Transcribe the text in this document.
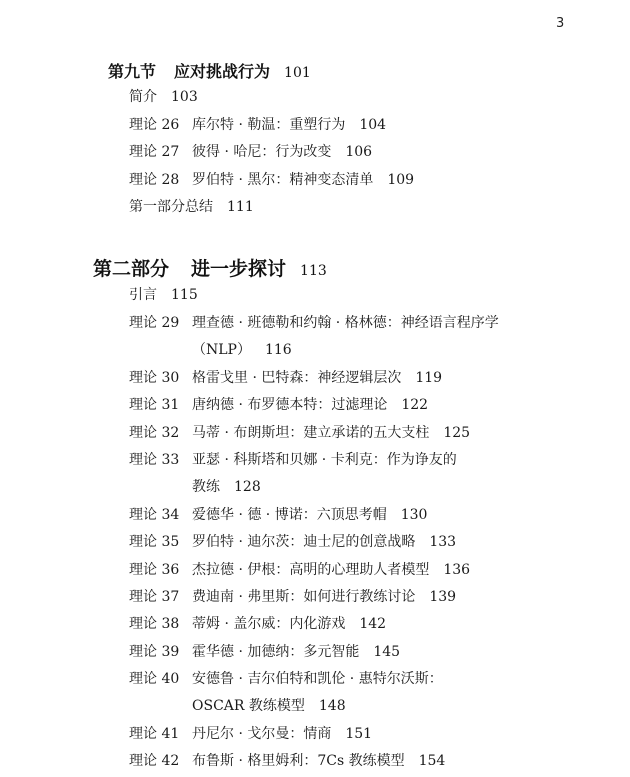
3
第九节 应对挑战行为 101
简介 103
理论 26 库尔特 · 勒温：重塑行为 104
理论 27 彼得 · 哈尼：行为改变 106
理论 28 罗伯特 · 黑尔：精神变态清单 109
第一部分总结 111
第二部分 进一步探讨 113
引言 115
理论 29 理查德 · 班德勒和约翰 · 格林德：神经语言程序学
（NLP） 116
理论 30 格雷戈里 · 巴特森：神经逻辑层次 119
理论 31 唐纳德 · 布罗德本特：过滤理论 122
理论 32 马蒂 · 布朗斯坦：建立承诺的五大支柱 125
理论 33 亚瑟 · 科斯塔和贝娜 · 卡利克：作为诤友的
教练 128
理论 34 爱德华 · 德 · 博诺：六顶思考帽 130
理论 35 罗伯特 · 迪尔茨：迪士尼的创意战略 133
理论 36 杰拉德 · 伊根：高明的心理助人者模型 136
理论 37 费迪南 · 弗里斯：如何进行教练讨论 139
理论 38 蒂姆 · 盖尔威：内化游戏 142
理论 39 霍华德 · 加德纳：多元智能 145
理论 40 安德鲁 · 吉尔伯特和凯伦 · 惠特尔沃斯：
OSCAR 教练模型 148
理论 41 丹尼尔 · 戈尔曼：情商 151
理论 42 布鲁斯 · 格里姆利：7Cs 教练模型 154
